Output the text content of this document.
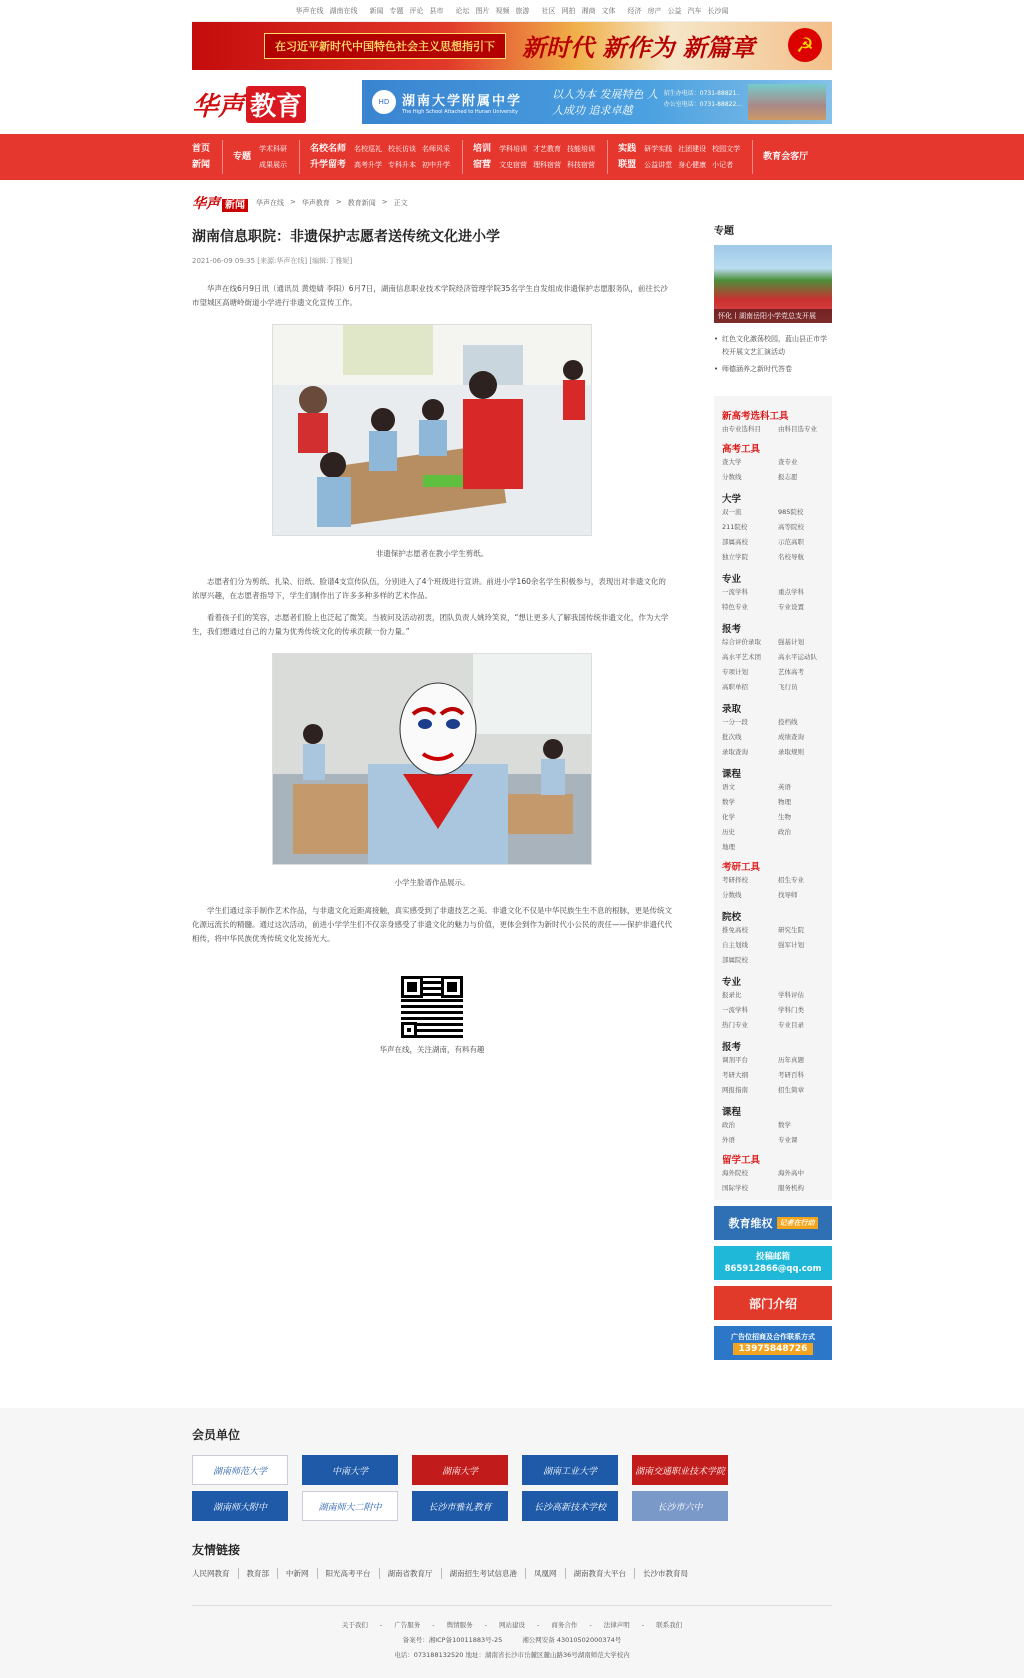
华声在线 湖南在线 新闻 专题 评论 县市 论坛 图片 视频 旅游 社区 网拍 湘商 文体 经济 房产 公益 汽车 长沙闻
在习近平新时代中国特色社会主义思想指引下	新时代 新作为 新篇章	☭
华声 教育	HD 湖南大学附属中学
The High School Attached to Hunan University
以人为本 发展特色 人人成功 追求卓越
招生办电话：0731-88821..
办公室电话：0731-88822...
首页
新闻
专题
学术科研
成果展示
名校名师
升学留考
名校巡礼 校长访谈 名师风采
高考升学 专科升本 初中升学
培训
宿营
学科培训 才艺教育 技能培训
文史宿营 理科宿营 科技宿营
实践
联盟
研学实践 社团建设 校园文学
公益讲堂 身心健康 小记者
教育会客厅
华声 新闻	华声在线 > 华声教育 > 教育新闻 > 正文
湖南信息职院：非遗保护志愿者送传统文化进小学
2021-06-09 09:35 [来源:华声在线] [编辑:丁雅妮]

华声在线6月9日讯（通讯员 黄煌婧 李阳）6月7日，湖南信息职业技术学院经济管理学院35名学生自发组成非遗保护志愿服务队，前往长沙市望城区高塘岭街道小学进行非遗文化宣传工作。

非遗保护志愿者在教小学生剪纸。

志愿者们分为剪纸、扎染、衍纸、脸谱4支宣传队伍，分别进入了4个班级进行宣讲。前进小学160余名学生积极参与，表现出对非遗文化的浓厚兴趣，在志愿者指导下，学生们制作出了许多多种多样的艺术作品。

看着孩子们的笑容，志愿者们脸上也泛起了微笑。当被问及活动初衷，团队负责人姚玲笑说，“想让更多人了解我国传统非遗文化，作为大学生，我们想通过自己的力量为优秀传统文化的传承贡献一份力量。”

小学生脸谱作品展示。

学生们通过亲手制作艺术作品，与非遗文化近距离接触，真实感受到了非遗技艺之美。非遗文化不仅是中华民族生生不息的根脉，更是传统文化源远流长的精髓。通过这次活动，前进小学学生们不仅亲身感受了非遗文化的魅力与价值，更体会到作为新时代小公民的责任——保护非遗代代相传，将中华民族优秀传统文化发扬光大。

华声在线，关注湖南，有料有趣
专题
怀化丨湖南岳阳小学党总支开展
• 红色文化激荡校园，蓝山县正市学校开展文艺汇演活动
• 师德涵养之新时代答卷
新高考选科工具
由专业选科目	由科目选专业
高考工具
查大学	查专业
分数线	报志愿
大学
双一流	985院校
211院校	高等院校
部属高校	示范高职
独立学院	名校导航
专业
一流学科	重点学科
特色专业	专业设置
报考
综合评价录取	强基计划
高水平艺术团	高水平运动队
专项计划	艺体高考
高职单招	飞行员
录取
一分一段	投档线
批次线	成绩查询
录取查询	录取规则
课程
语文	英语
数学	物理
化学	生物
历史	政治
地理
考研工具
考研择校	招生专业
分数线	找导师
院校
推免高校	研究生院
自主划线	强军计划
部属院校
专业
报录比	学科评估
一流学科	学科门类
热门专业	专业目录
报考
调剂平台	历年真题
考研大纲	考研百科
网报指南	招生简章
课程
政治	数学
外语	专业课
留学工具
海外院校	海外高中
国际学校	服务机构
教育维权	记者在行动
投稿邮箱
865912866@qq.com
部门介绍
广告位招商及合作联系方式
13975848726
会员单位
湖南师范大学	中南大学	湖南大学	湖南工业大学	湖南交通职业技术学院
湖南师大附中	湖南师大二附中	长沙市雅礼教育	长沙高新技术学校	长沙市六中
友情链接
人民网教育	教育部	中新网	阳光高考平台	湖南省教育厅	湖南招生考试信息港	凤凰网	湖南教育大平台	长沙市教育局
关于我们 - 广告服务 - 舆情服务 - 网站建设 - 商务合作 - 法律声明 - 联系我们
备案号：湘ICP备10011883号-25	湘公网安备 43010502000374号
电话：073188132520 地址：湖南省长沙市岳麓区麓山路36号湖南师范大学校内
